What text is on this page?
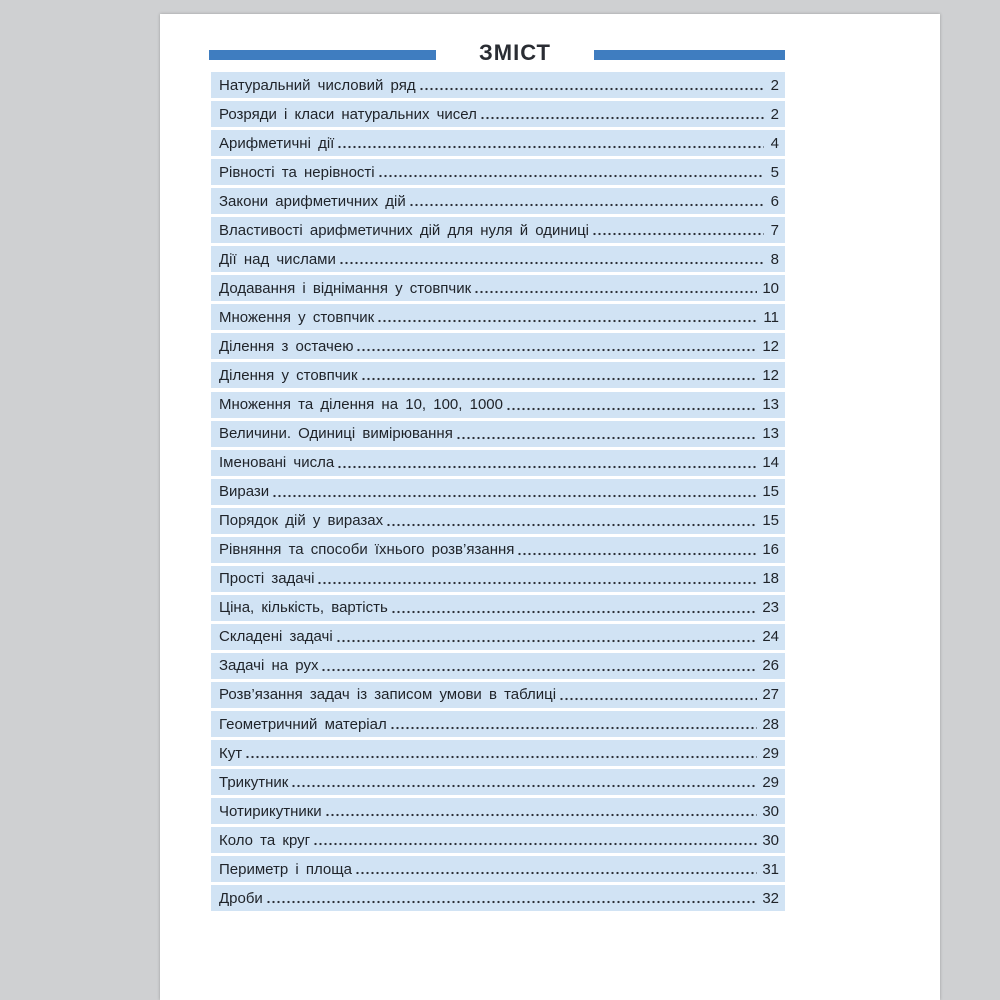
ЗМІСТ
Натуральний числовий ряд	2
Розряди і класи натуральних чисел	2
Арифметичні дії	4
Рівності та нерівності	5
Закони арифметичних дій	6
Властивості арифметичних дій для нуля й одиниці	7
Дії над числами	8
Додавання і віднімання у стовпчик	10
Множення у стовпчик	11
Ділення з остачею	12
Ділення у стовпчик	12
Множення та ділення на 10, 100, 1000	13
Величини. Одиниці вимірювання	13
Іменовані числа	14
Вирази	15
Порядок дій у виразах	15
Рівняння та способи їхнього розв’язання	16
Прості задачі	18
Ціна, кількість, вартість	23
Складені задачі	24
Задачі на рух	26
Розв’язання задач із записом умови в таблиці	27
Геометричний матеріал	28
Кут	29
Трикутник	29
Чотирикутники	30
Коло та круг	30
Периметр і площа	31
Дроби	32
